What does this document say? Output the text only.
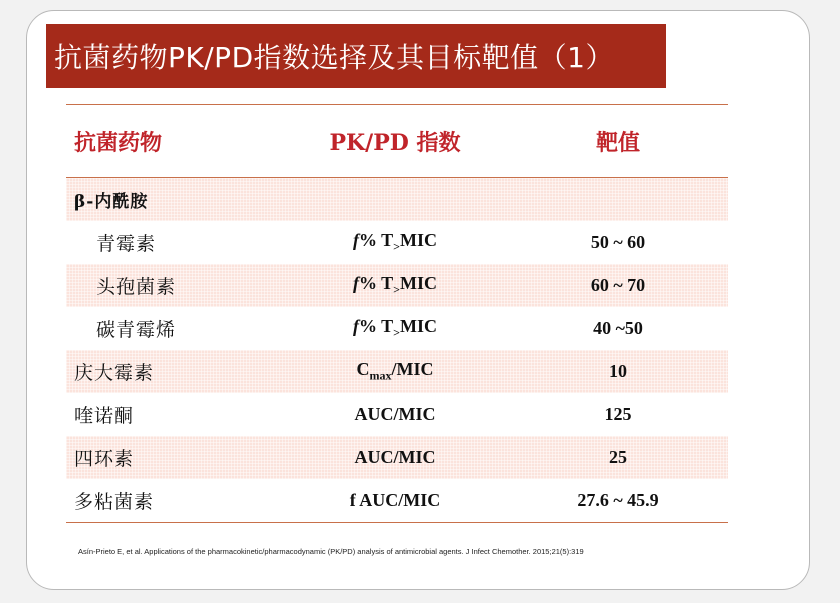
抗菌药物PK/PD指数选择及其目标靶值（1）
抗菌药物	PK/PD 指数	靶值
β-内酰胺
青霉素	f% $T_>MIC$	50 ~ 60
头孢菌素	f% $T_>MIC$	60 ~ 70
碳青霉烯	f% $T_>MIC$	40 ~50
庆大霉素	$C_{max}$/MIC	10
喹诺酮	AUC/MIC	125
四环素	AUC/MIC	25
多粘菌素	f AUC/MIC	27.6 ~ 45.9
Asín-Prieto E, et al. Applications of the pharmacokinetic/pharmacodynamic (PK/PD) analysis of antimicrobial agents. J Infect Chemother. 2015;21(5):319
